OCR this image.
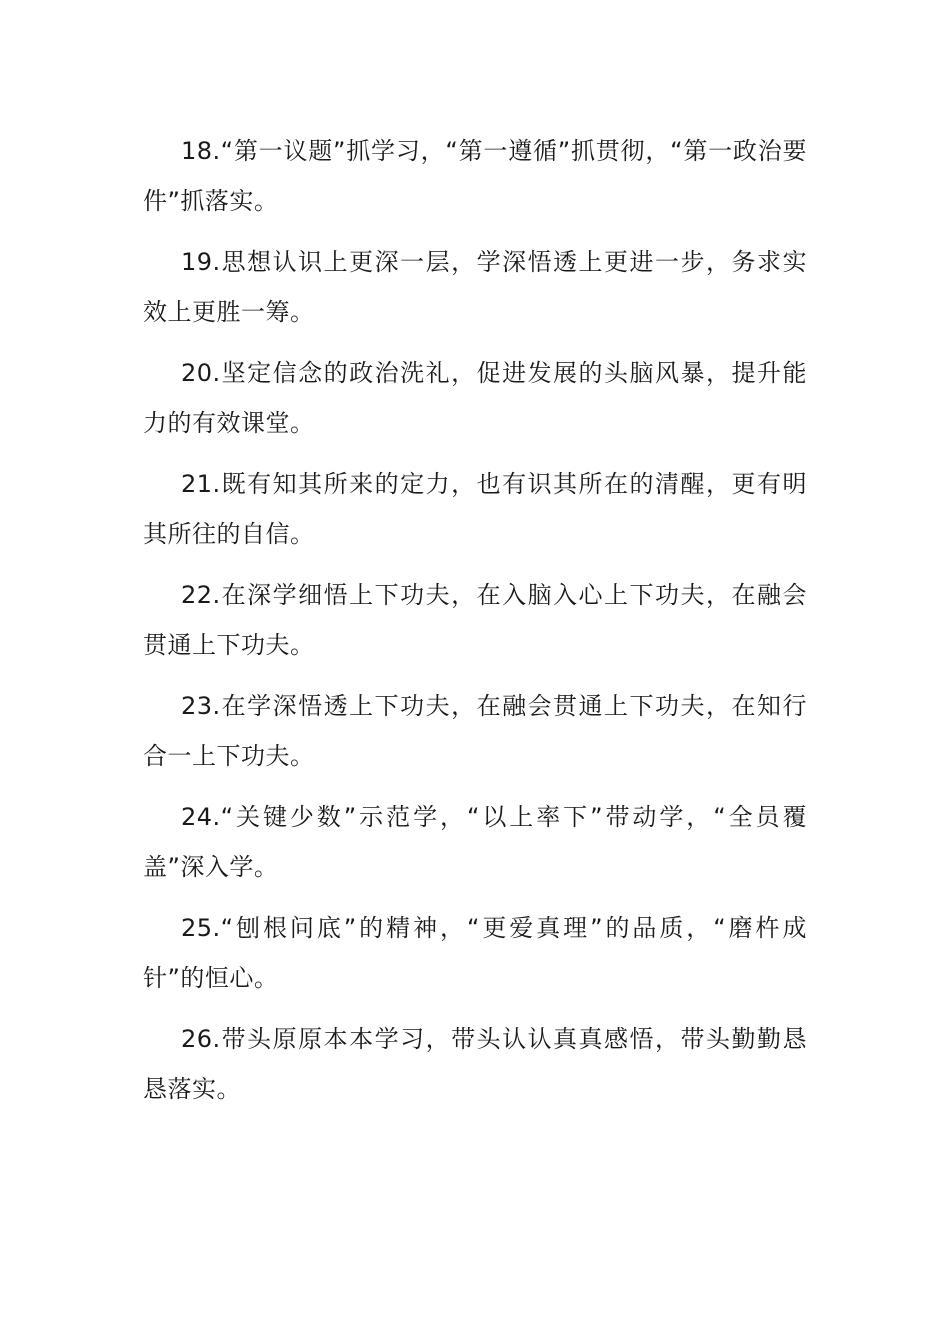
18.“第一议题”抓学习，“第一遵循”抓贯彻，“第一政治要件”抓落实。

19.思想认识上更深一层，学深悟透上更进一步，务求实效上更胜一筹。

20.坚定信念的政治洗礼，促进发展的头脑风暴，提升能力的有效课堂。

21.既有知其所来的定力，也有识其所在的清醒，更有明其所往的自信。

22.在深学细悟上下功夫，在入脑入心上下功夫，在融会贯通上下功夫。

23.在学深悟透上下功夫，在融会贯通上下功夫，在知行合一上下功夫。

24.“关键少数”示范学，“以上率下”带动学，“全员覆盖”深入学。

25.“刨根问底”的精神，“更爱真理”的品质，“磨杵成针”的恒心。

26.带头原原本本学习，带头认认真真感悟，带头勤勤恳恳落实。
